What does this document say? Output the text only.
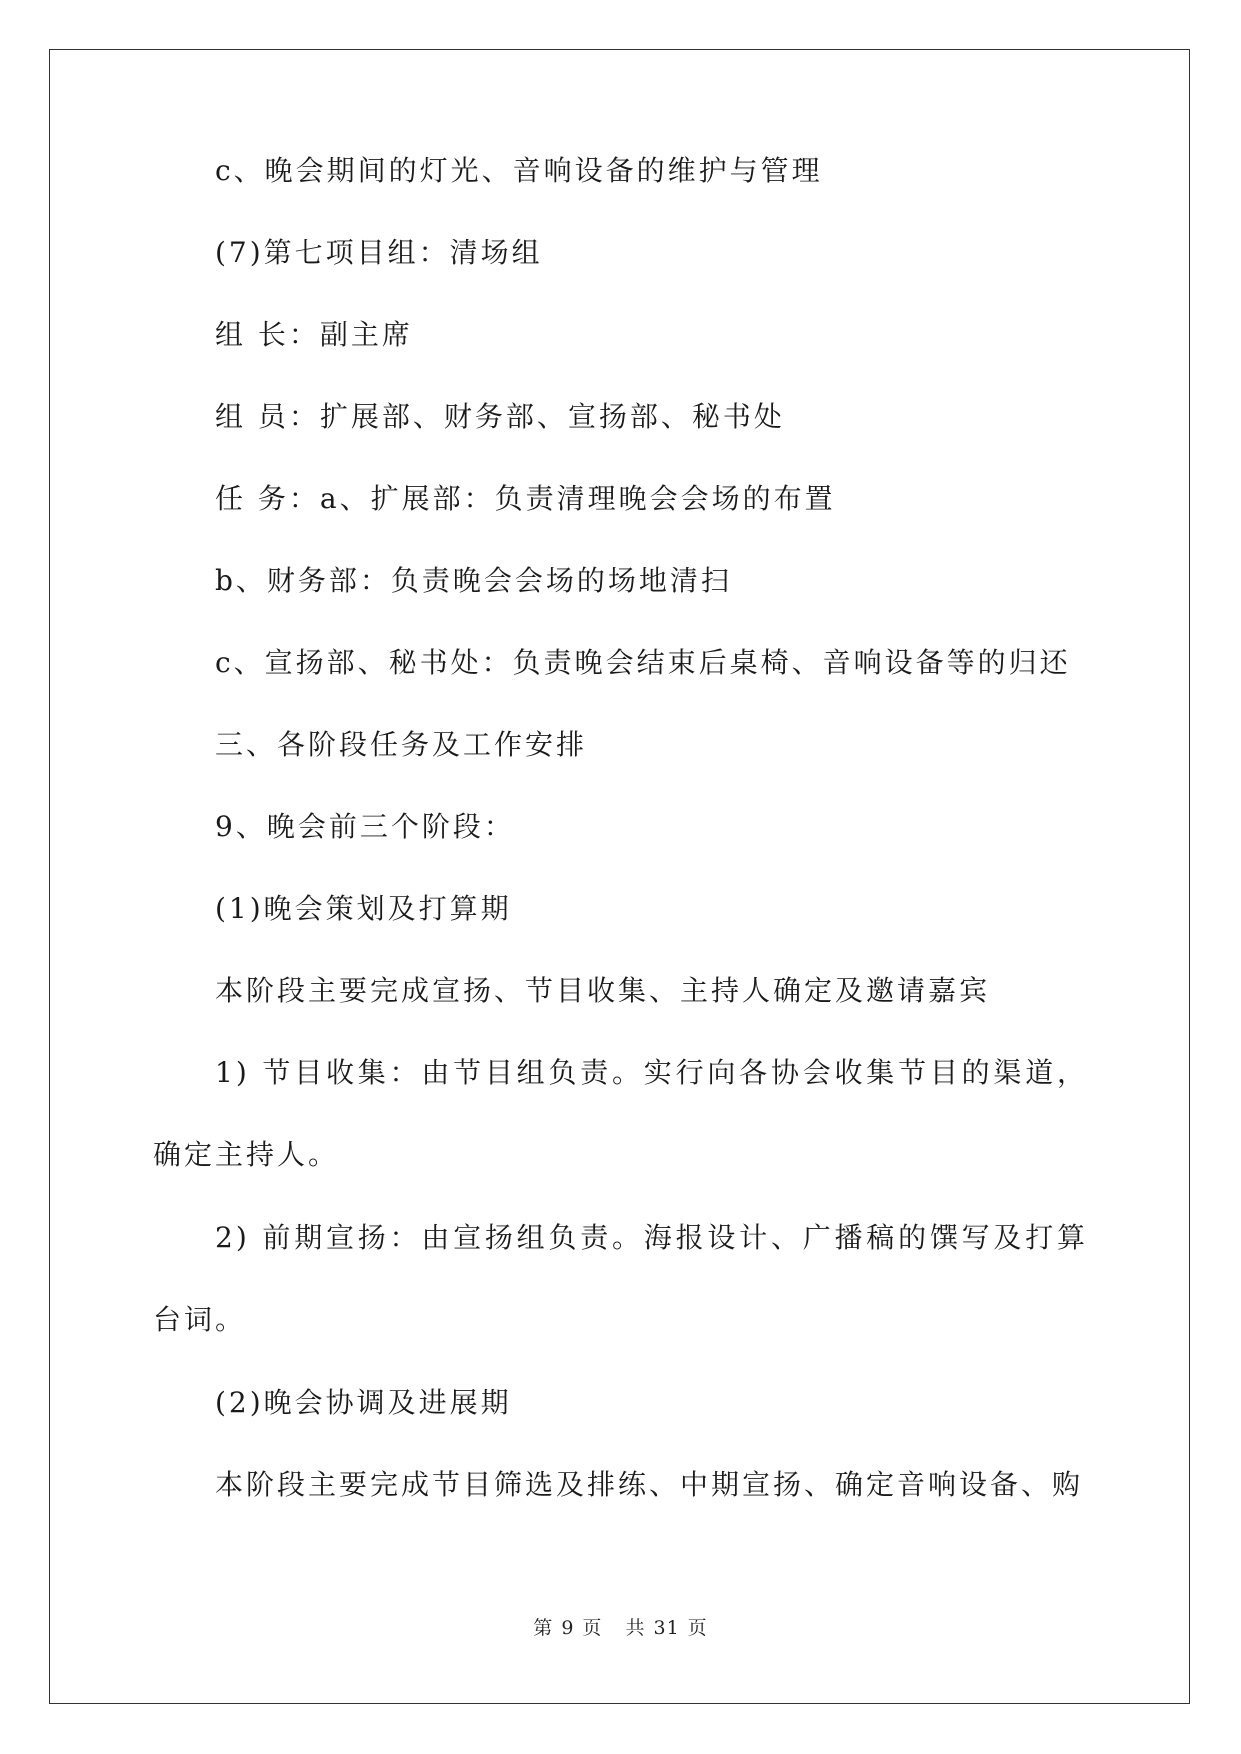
c、晚会期间的灯光、音响设备的维护与管理

(7)第七项目组：清场组

组 长：副主席

组 员：扩展部、财务部、宣扬部、秘书处

任 务：a、扩展部：负责清理晚会会场的布置

b、财务部：负责晚会会场的场地清扫

c、宣扬部、秘书处：负责晚会结束后桌椅、音响设备等的归还

三、各阶段任务及工作安排

9、晚会前三个阶段：

(1)晚会策划及打算期

本阶段主要完成宣扬、节目收集、主持人确定及邀请嘉宾

1) 节目收集：由节目组负责。实行向各协会收集节目的渠道，确定主持人。

2) 前期宣扬：由宣扬组负责。海报设计、广播稿的馔写及打算台词。

(2)晚会协调及进展期

本阶段主要完成节目筛选及排练、中期宣扬、确定音响设备、购

第 9 页 共 31 页
